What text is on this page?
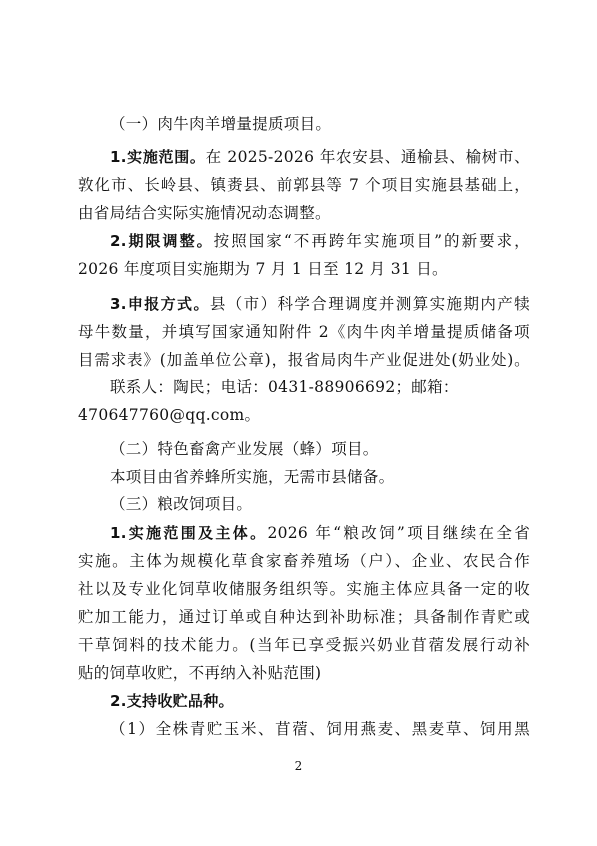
（一）肉牛肉羊增量提质项目。
1.实施范围。在 2025-2026 年农安县、通榆县、榆树市、
敦化市、长岭县、镇赉县、前郭县等 7 个项目实施县基础上，
由省局结合实际实施情况动态调整。
2.期限调整。按照国家“不再跨年实施项目”的新要求，
2026 年度项目实施期为 7 月 1 日至 12 月 31 日。
3.申报方式。县（市）科学合理调度并测算实施期内产犊
母牛数量，并填写国家通知附件 2《肉牛肉羊增量提质储备项
目需求表》(加盖单位公章)，报省局肉牛产业促进处(奶业处)。
联系人：陶民；电话：0431-88906692；邮箱：
470647760@qq.com。
（二）特色畜禽产业发展（蜂）项目。
本项目由省养蜂所实施，无需市县储备。
（三）粮改饲项目。
1.实施范围及主体。2026 年“粮改饲”项目继续在全省
实施。主体为规模化草食家畜养殖场（户）、企业、农民合作
社以及专业化饲草收储服务组织等。实施主体应具备一定的收
贮加工能力，通过订单或自种达到补助标准；具备制作青贮或
干草饲料的技术能力。(当年已享受振兴奶业苜蓿发展行动补
贴的饲草收贮，不再纳入补贴范围)
2.支持收贮品种。
（1）全株青贮玉米、苜蓿、饲用燕麦、黑麦草、饲用黑
2
